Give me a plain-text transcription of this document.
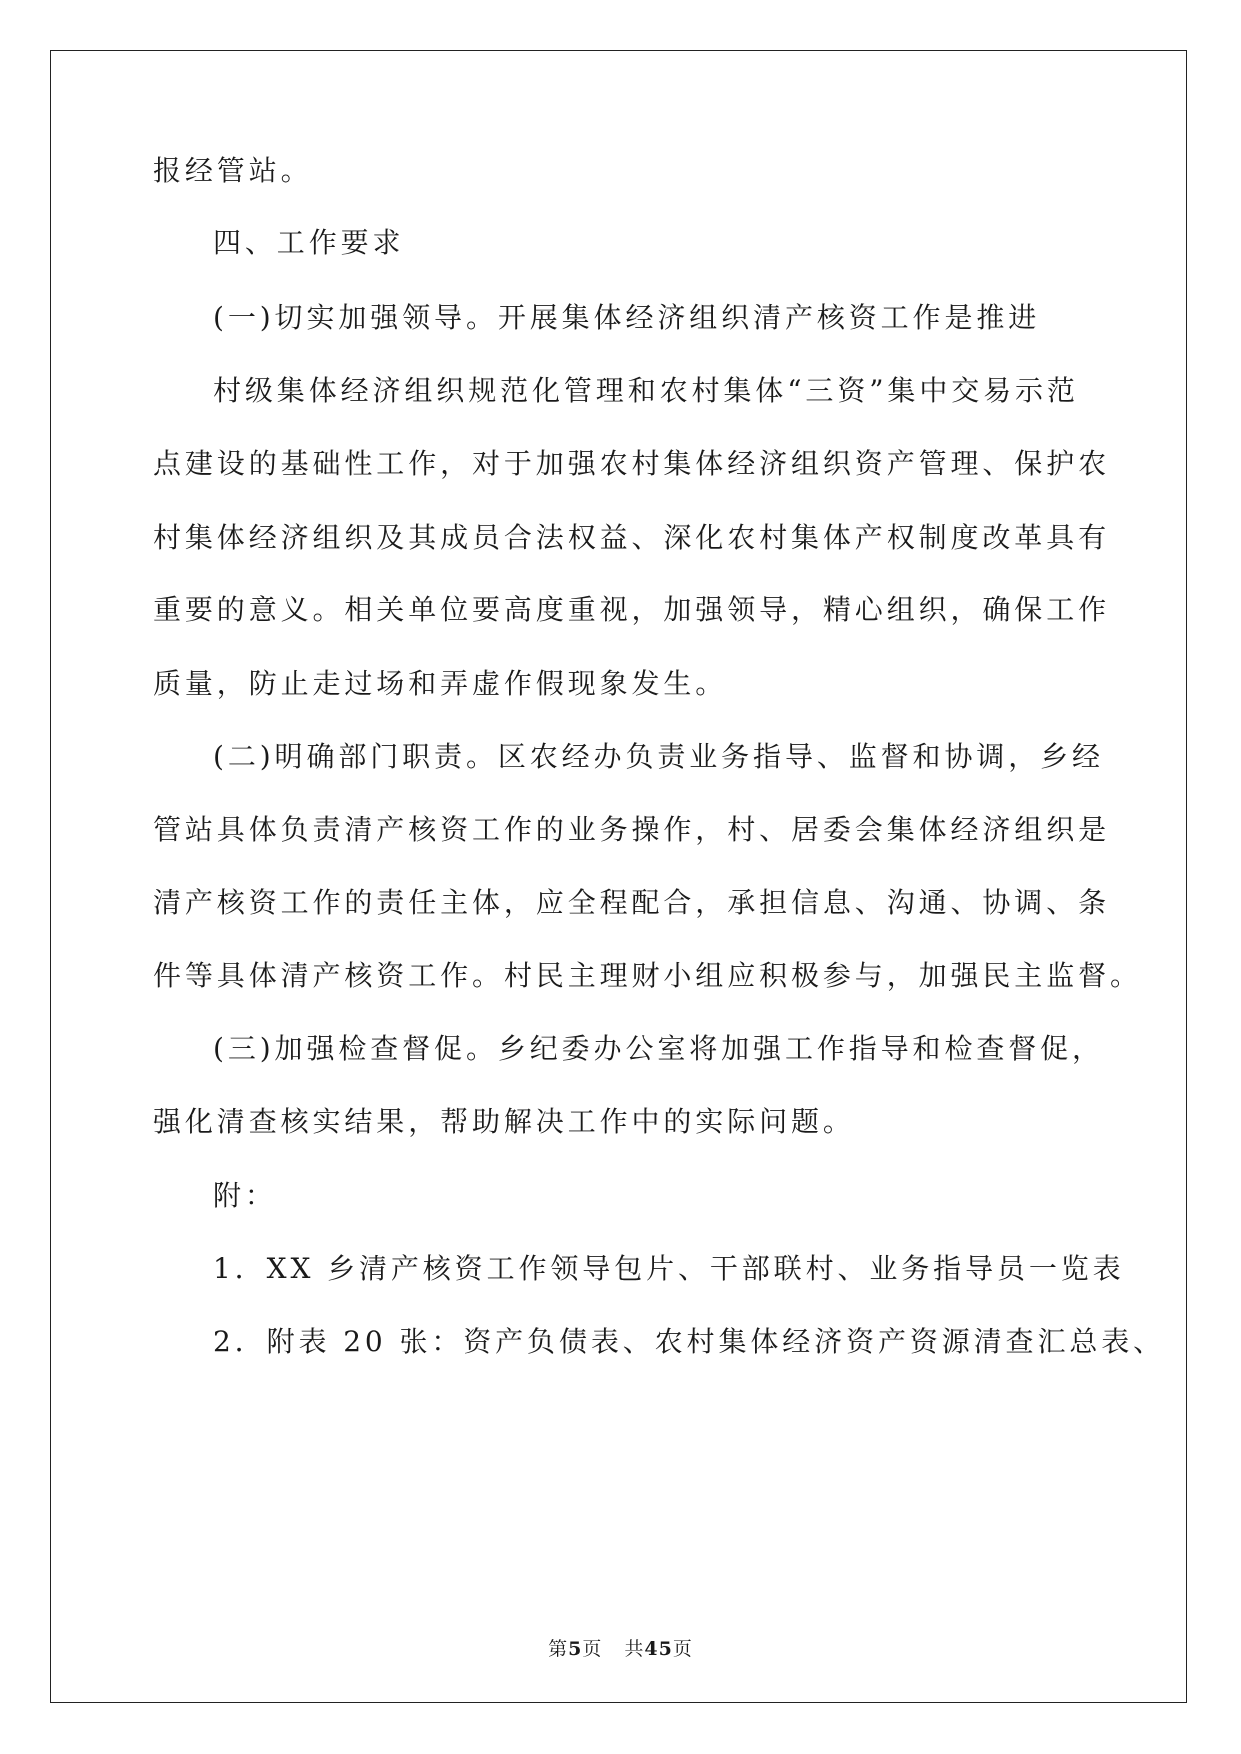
报经管站。
四、工作要求
(一)切实加强领导。开展集体经济组织清产核资工作是推进
村级集体经济组织规范化管理和农村集体“三资”集中交易示范
点建设的基础性工作，对于加强农村集体经济组织资产管理、保护农
村集体经济组织及其成员合法权益、深化农村集体产权制度改革具有
重要的意义。相关单位要高度重视，加强领导，精心组织，确保工作
质量，防止走过场和弄虚作假现象发生。
(二)明确部门职责。区农经办负责业务指导、监督和协调，乡经
管站具体负责清产核资工作的业务操作，村、居委会集体经济组织是
清产核资工作的责任主体，应全程配合，承担信息、沟通、协调、条
件等具体清产核资工作。村民主理财小组应积极参与，加强民主监督。
(三)加强检查督促。乡纪委办公室将加强工作指导和检查督促，
强化清查核实结果，帮助解决工作中的实际问题。
附：
1．XX 乡清产核资工作领导包片、干部联村、业务指导员一览表
2．附表 20 张：资产负债表、农村集体经济资产资源清查汇总表、
第5页 共45页
